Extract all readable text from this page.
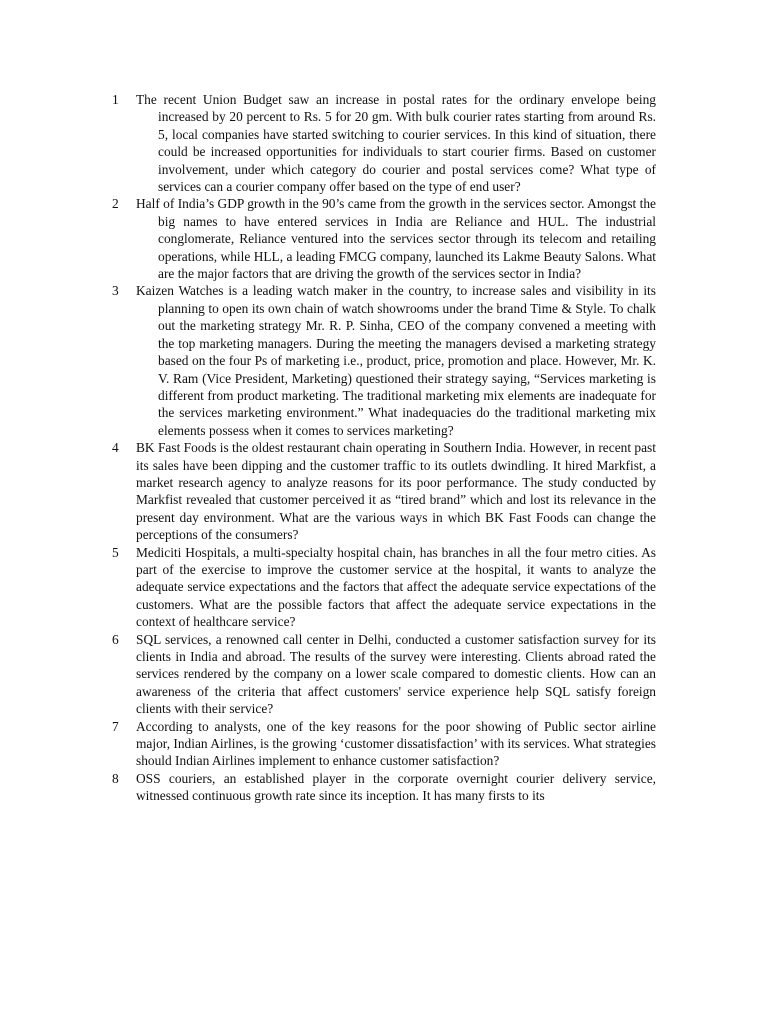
1 The recent Union Budget saw an increase in postal rates for the ordinary envelope being increased by 20 percent to Rs. 5 for 20 gm. With bulk courier rates starting from around Rs. 5, local companies have started switching to courier services. In this kind of situation, there could be increased opportunities for individuals to start courier firms. Based on customer involvement, under which category do courier and postal services come? What type of services can a courier company offer based on the type of end user?

2 Half of India’s GDP growth in the 90’s came from the growth in the services sector. Amongst the big names to have entered services in India are Reliance and HUL. The industrial conglomerate, Reliance ventured into the services sector through its telecom and retailing operations, while HLL, a leading FMCG company, launched its Lakme Beauty Salons. What are the major factors that are driving the growth of the services sector in India?

3 Kaizen Watches is a leading watch maker in the country, to increase sales and visibility in its planning to open its own chain of watch showrooms under the brand Time & Style. To chalk out the marketing strategy Mr. R. P. Sinha, CEO of the company convened a meeting with the top marketing managers. During the meeting the managers devised a marketing strategy based on the four Ps of marketing i.e., product, price, promotion and place. However, Mr. K. V. Ram (Vice President, Marketing) questioned their strategy saying, “Services marketing is different from product marketing. The traditional marketing mix elements are inadequate for the services marketing environment.” What inadequacies do the traditional marketing mix elements possess when it comes to services marketing?

4 BK Fast Foods is the oldest restaurant chain operating in Southern India. However, in recent past its sales have been dipping and the customer traffic to its outlets dwindling. It hired Markfist, a market research agency to analyze reasons for its poor performance. The study conducted by Markfist revealed that customer perceived it as “tired brand” which and lost its relevance in the present day environment. What are the various ways in which BK Fast Foods can change the perceptions of the consumers?

5 Mediciti Hospitals, a multi-specialty hospital chain, has branches in all the four metro cities. As part of the exercise to improve the customer service at the hospital, it wants to analyze the adequate service expectations and the factors that affect the adequate service expectations of the customers. What are the possible factors that affect the adequate service expectations in the context of healthcare service?

6 SQL services, a renowned call center in Delhi, conducted a customer satisfaction survey for its clients in India and abroad. The results of the survey were interesting. Clients abroad rated the services rendered by the company on a lower scale compared to domestic clients. How can an awareness of the criteria that affect customers' service experience help SQL satisfy foreign clients with their service?

7 According to analysts, one of the key reasons for the poor showing of Public sector airline major, Indian Airlines, is the growing ‘customer dissatisfaction’ with its services. What strategies should Indian Airlines implement to enhance customer satisfaction?

8 OSS couriers, an established player in the corporate overnight courier delivery service, witnessed continuous growth rate since its inception. It has many firsts to its
